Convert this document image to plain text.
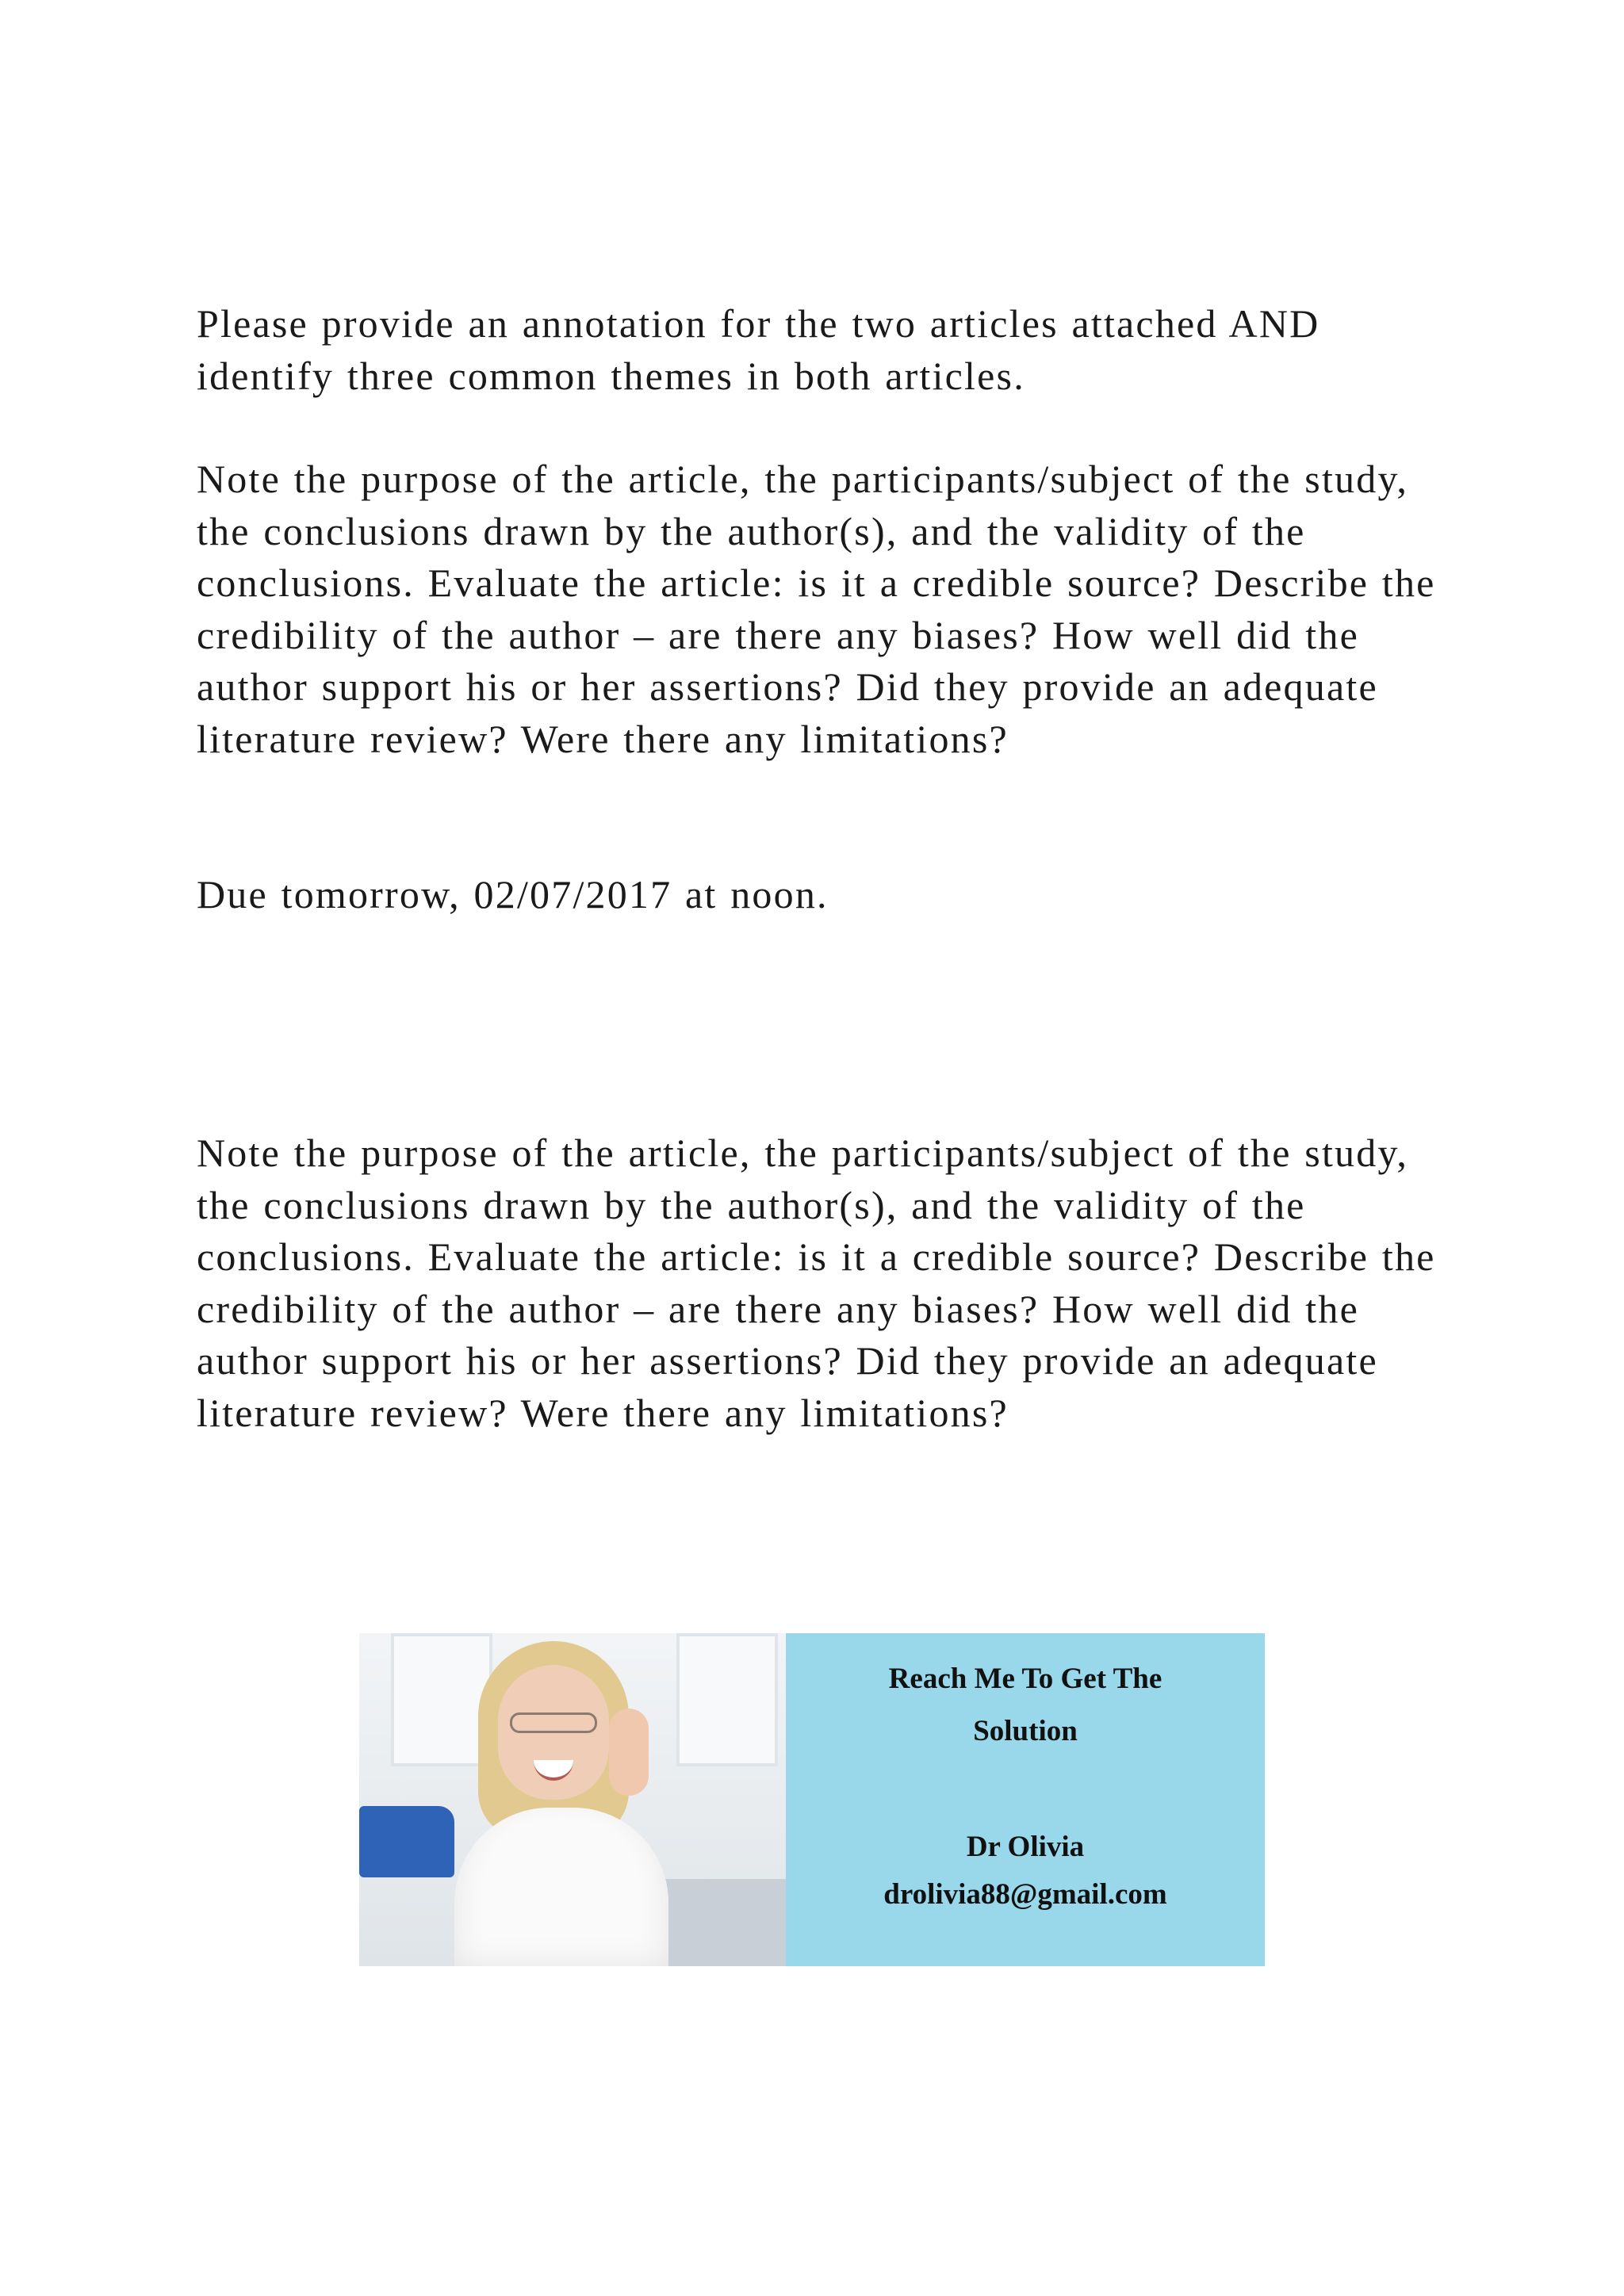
Please provide an annotation for the two articles attached AND identify three common themes in both articles.

Note the purpose of the article, the participants/subject of the study, the conclusions drawn by the author(s), and the validity of the conclusions. Evaluate the article: is it a credible source? Describe the credibility of the author – are there any biases? How well did the author support his or her assertions? Did they provide an adequate literature review? Were there any limitations?

Due tomorrow, 02/07/2017 at noon.

Note the purpose of the article, the participants/subject of the study, the conclusions drawn by the author(s), and the validity of the conclusions. Evaluate the article: is it a credible source? Describe the credibility of the author – are there any biases? How well did the author support his or her assertions? Did they provide an adequate literature review? Were there any limitations?

Reach Me To Get The
Solution
Dr Olivia
drolivia88@gmail.com
